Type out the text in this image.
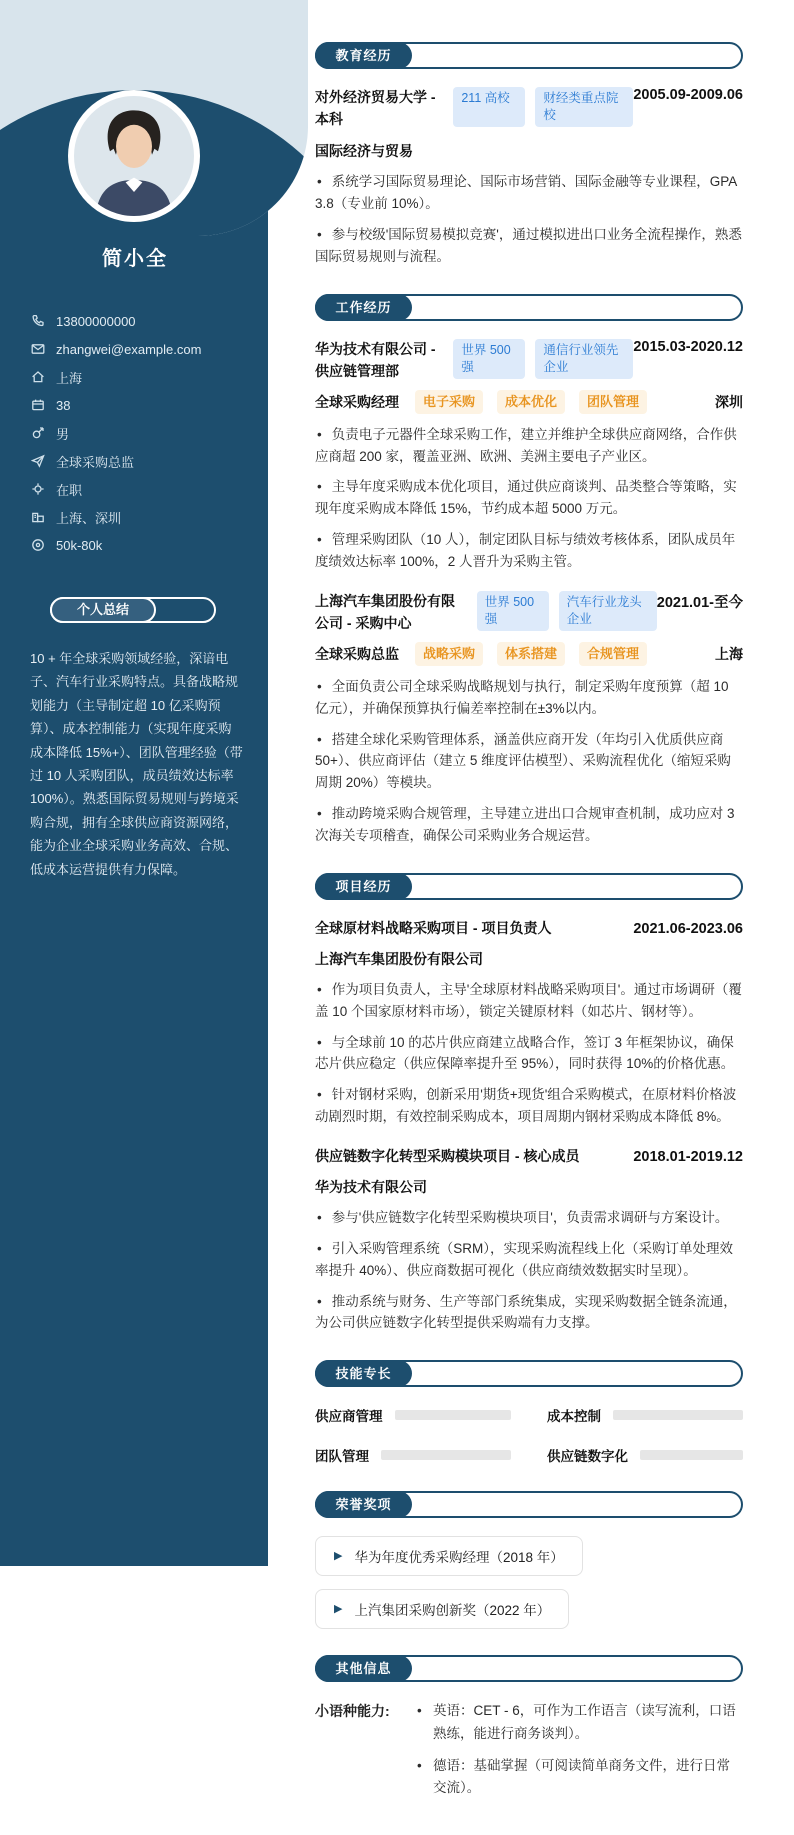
简小全
13800000000
zhangwei@example.com
上海
38
男
全球采购总监
在职
上海、深圳
50k-80k
个人总结

10 + 年全球采购领域经验，深谙电子、汽车行业采购特点。具备战略规划能力（主导制定超 10 亿采购预算）、成本控制能力（实现年度采购成本降低 15%+）、团队管理经验（带过 10 人采购团队，成员绩效达标率 100%）。熟悉国际贸易规则与跨境采购合规，拥有全球供应商资源网络，能为企业全球采购业务高效、合规、低成本运营提供有力保障。

教育经历
对外经济贸易大学 - 本科
211 高校	财经类重点院校
2005.09-2009.06
国际经济与贸易

• 系统学习国际贸易理论、国际市场营销、国际金融等专业课程，GPA 3.8（专业前 10%）。

• 参与校级'国际贸易模拟竞赛'，通过模拟进出口业务全流程操作，熟悉国际贸易规则与流程。

工作经历
华为技术有限公司 - 供应链管理部
世界 500 强
通信行业领先企业
2015.03-2020.12
全球采购经理	电子采购	成本优化	团队管理	深圳

• 负责电子元器件全球采购工作，建立并维护全球供应商网络，合作供应商超 200 家，覆盖亚洲、欧洲、美洲主要电子产业区。

• 主导年度采购成本优化项目，通过供应商谈判、品类整合等策略，实现年度采购成本降低 15%，节约成本超 5000 万元。

• 管理采购团队（10 人），制定团队目标与绩效考核体系，团队成员年度绩效达标率 100%，2 人晋升为采购主管。

上海汽车集团股份有限公司 - 采购中心
世界 500 强
汽车行业龙头企业
2021.01-至今
全球采购总监	战略采购	体系搭建	合规管理	上海

• 全面负责公司全球采购战略规划与执行，制定采购年度预算（超 10 亿元），并确保预算执行偏差率控制在±3%以内。

• 搭建全球化采购管理体系，涵盖供应商开发（年均引入优质供应商 50+）、供应商评估（建立 5 维度评估模型）、采购流程优化（缩短采购周期 20%）等模块。

• 推动跨境采购合规管理，主导建立进出口合规审查机制，成功应对 3 次海关专项稽查，确保公司采购业务合规运营。

项目经历
全球原材料战略采购项目 - 项目负责人	2021.06-2023.06
上海汽车集团股份有限公司

• 作为项目负责人，主导'全球原材料战略采购项目'。通过市场调研（覆盖 10 个国家原材料市场），锁定关键原材料（如芯片、钢材等）。

• 与全球前 10 的芯片供应商建立战略合作，签订 3 年框架协议，确保芯片供应稳定（供应保障率提升至 95%），同时获得 10%的价格优惠。

• 针对钢材采购，创新采用'期货+现货'组合采购模式，在原材料价格波动剧烈时期，有效控制采购成本，项目周期内钢材采购成本降低 8%。

供应链数字化转型采购模块项目 - 核心成员	2018.01-2019.12
华为技术有限公司

• 参与'供应链数字化转型采购模块项目'，负责需求调研与方案设计。

• 引入采购管理系统（SRM），实现采购流程线上化（采购订单处理效率提升 40%）、供应商数据可视化（供应商绩效数据实时呈现）。

• 推动系统与财务、生产等部门系统集成，实现采购数据全链条流通，为公司供应链数字化转型提供采购端有力支撑。

技能专长
供应商管理	成本控制
团队管理	供应链数字化
荣誉奖项
▶ 华为年度优秀采购经理（2018 年）
▶ 上汽集团采购创新奖（2022 年）
其他信息
小语种能力:	• 英语：CET - 6，可作为工作语言（读写流利，口语熟练，能进行商务谈判）。

• 德语：基础掌握（可阅读简单商务文件，进行日常交流）。
